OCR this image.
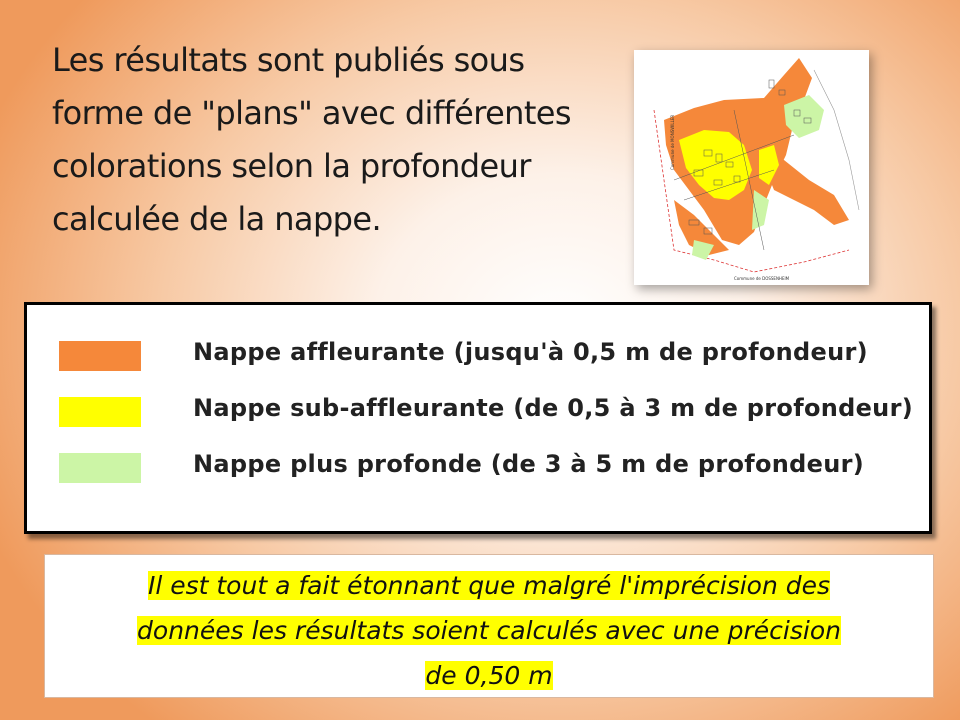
Les résultats sont publiés sous forme de "plans" avec différentes colorations selon la profondeur calculée de la nappe.

Commune de MONSWILLER
Commune de DOSSENHEIM
Nappe affleurante (jusqu'à 0,5 m de profondeur)
Nappe sub-affleurante (de 0,5 à 3 m de profondeur)
Nappe plus profonde (de 3 à 5 m de profondeur)

Il est tout a fait étonnant que malgré l'imprécision des
données les résultats soient calculés avec une précision
de 0,50 m
